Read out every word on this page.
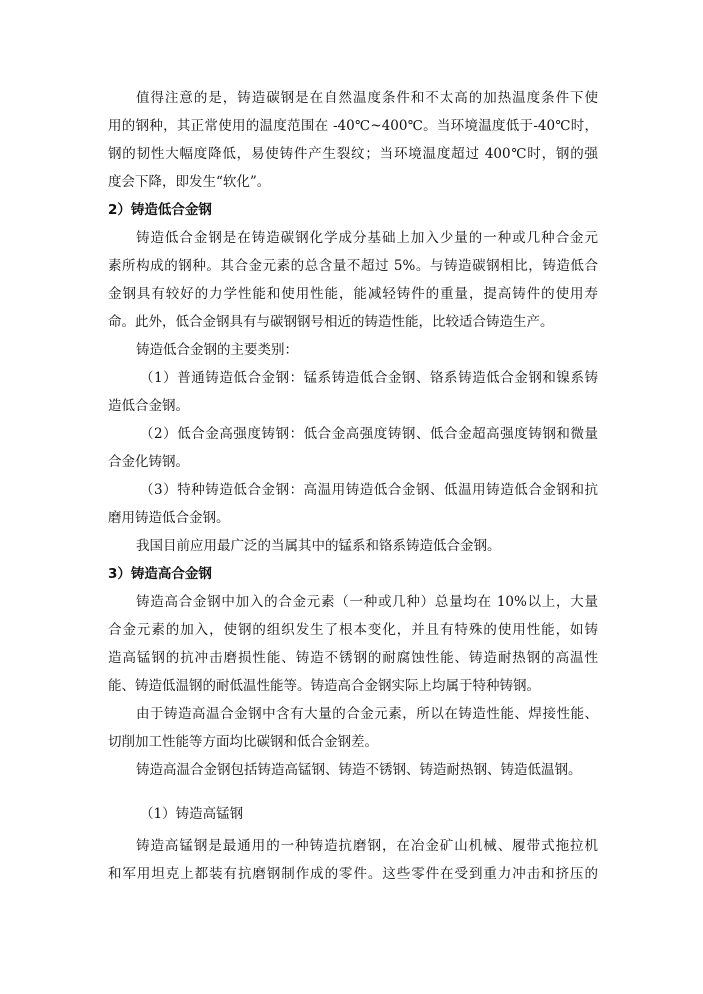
值得注意的是，铸造碳钢是在自然温度条件和不太高的加热温度条件下使
用的钢种，其正常使用的温度范围在 -40℃~400℃。当环境温度低于-40℃时，
钢的韧性大幅度降低，易使铸件产生裂纹；当环境温度超过 400℃时，钢的强
度会下降，即发生“软化”。
2）铸造低合金钢
铸造低合金钢是在铸造碳钢化学成分基础上加入少量的一种或几种合金元
素所构成的钢种。其合金元素的总含量不超过 5%。与铸造碳钢相比，铸造低合
金钢具有较好的力学性能和使用性能，能减轻铸件的重量，提高铸件的使用寿
命。此外，低合金钢具有与碳钢钢号相近的铸造性能，比较适合铸造生产。
铸造低合金钢的主要类别：
（1）普通铸造低合金钢：锰系铸造低合金钢、铬系铸造低合金钢和镍系铸
造低合金钢。
（2）低合金高强度铸钢：低合金高强度铸钢、低合金超高强度铸钢和微量
合金化铸钢。
（3）特种铸造低合金钢：高温用铸造低合金钢、低温用铸造低合金钢和抗
磨用铸造低合金钢。
我国目前应用最广泛的当属其中的锰系和铬系铸造低合金钢。
3）铸造高合金钢
铸造高合金钢中加入的合金元素（一种或几种）总量均在 10%以上，大量
合金元素的加入，使钢的组织发生了根本变化，并且有特殊的使用性能，如铸
造高锰钢的抗冲击磨损性能、铸造不锈钢的耐腐蚀性能、铸造耐热钢的高温性
能、铸造低温钢的耐低温性能等。铸造高合金钢实际上均属于特种铸钢。
由于铸造高温合金钢中含有大量的合金元素，所以在铸造性能、焊接性能、
切削加工性能等方面均比碳钢和低合金钢差。
铸造高温合金钢包括铸造高锰钢、铸造不锈钢、铸造耐热钢、铸造低温钢。
（1）铸造高锰钢
铸造高锰钢是最通用的一种铸造抗磨钢，在冶金矿山机械、履带式拖拉机
和军用坦克上都装有抗磨钢制作成的零件。这些零件在受到重力冲击和挤压的
